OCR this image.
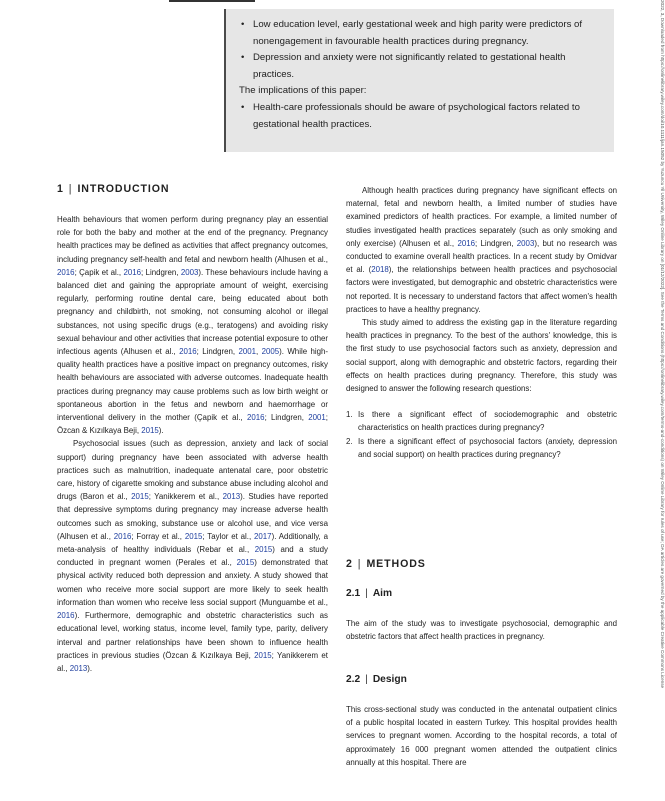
• Low education level, early gestational week and high parity were predictors of nonengagement in favourable health practices during pregnancy.
• Depression and anxiety were not significantly related to gestational health practices.

The implications of this paper:

• Health-care professionals should be aware of psychological factors related to gestational health practices.
1 | INTRODUCTION

Health behaviours that women perform during pregnancy play an essential role for both the baby and mother at the end of the pregnancy. Pregnancy health practices may be defined as activities that affect pregnancy outcomes, including pregnancy self-health and fetal and newborn health (Alhusen et al., 2016; Çapik et al., 2016; Lindgren, 2003). These behaviours include having a balanced diet and gaining the appropriate amount of weight, exercising regularly, performing routine dental care, being educated about both pregnancy and childbirth, not smoking, not consuming alcohol or illegal substances, not using specific drugs (e.g., teratogens) and avoiding risky sexual behaviour and other activities that increase potential exposure to other infectious agents (Alhusen et al., 2016; Lindgren, 2001, 2005). While high-quality health practices have a positive impact on pregnancy outcomes, risky health behaviours are associated with adverse outcomes. Inadequate health practices during pregnancy may cause problems such as low birth weight or spontaneous abortion in the fetus and newborn and haemorrhage or interventional delivery in the mother (Çapik et al., 2016; Lindgren, 2001; Özcan & Kızılkaya Beji, 2015).

Psychosocial issues (such as depression, anxiety and lack of social support) during pregnancy have been associated with adverse health practices such as malnutrition, inadequate antenatal care, poor obstetric care, history of cigarette smoking and substance abuse including alcohol and drugs (Baron et al., 2015; Yanikkerem et al., 2013). Studies have reported that depressive symptoms during pregnancy may increase adverse health outcomes such as smoking, substance use or alcohol use, and vice versa (Alhusen et al., 2016; Forray et al., 2015; Taylor et al., 2017). Additionally, a meta-analysis of healthy individuals (Rebar et al., 2015) and a study conducted in pregnant women (Perales et al., 2015) demonstrated that physical activity reduced both depression and anxiety. A study showed that women who receive more social support are more likely to seek health information than women who receive less social support (Munguambe et al., 2016). Furthermore, demographic and obstetric characteristics such as educational level, working status, income level, family type, parity, delivery interval and partner relationships have been shown to influence health practices in previous studies (Özcan & Kızılkaya Beji, 2015; Yanikkerem et al., 2013).

Although health practices during pregnancy have significant effects on maternal, fetal and newborn health, a limited number of studies have examined predictors of health practices. For example, a limited number of studies investigated health practices separately (such as only smoking and only exercise) (Alhusen et al., 2016; Lindgren, 2003), but no research was conducted to examine overall health practices. In a recent study by Omidvar et al. (2018), the relationships between health practices and psychosocial factors were investigated, but demographic and obstetric characteristics were not reported. It is necessary to understand factors that affect women's health practices to have a healthy pregnancy.

This study aimed to address the existing gap in the literature regarding health practices in pregnancy. To the best of the authors' knowledge, this is the first study to use psychosocial factors such as anxiety, depression and social support, along with demographic and obstetric factors, regarding their effects on health practices during pregnancy. Therefore, this study was designed to answer the following research questions:

1. Is there a significant effect of sociodemographic and obstetric characteristics on health practices during pregnancy?
2. Is there a significant effect of psychosocial factors (anxiety, depression and social support) on health practices during pregnancy?
2 | METHODS
2.1 | Aim

The aim of the study was to investigate psychosocial, demographic and obstetric factors that affect health practices in pregnancy.

2.2 | Design

This cross-sectional study was conducted in the antenatal outpatient clinics of a public hospital located in eastern Turkey. This hospital provides health services to pregnant women. According to the hospital records, a total of approximately 16 000 pregnant women attended the outpatient clinics annually at this hospital. There are

2022, 3, Downloaded from https://onlinelibrary.wiley.com/doi/10.1111/jan.15052 by Yuzuncu Yil University, Wiley Online Library on [01/12/2022]. See the Terms and Conditions (https://onlinelibrary.wiley.com/terms-and-conditions) on Wiley Online Library for rules of use; OA articles are governed by the applicable Creative Commons License
